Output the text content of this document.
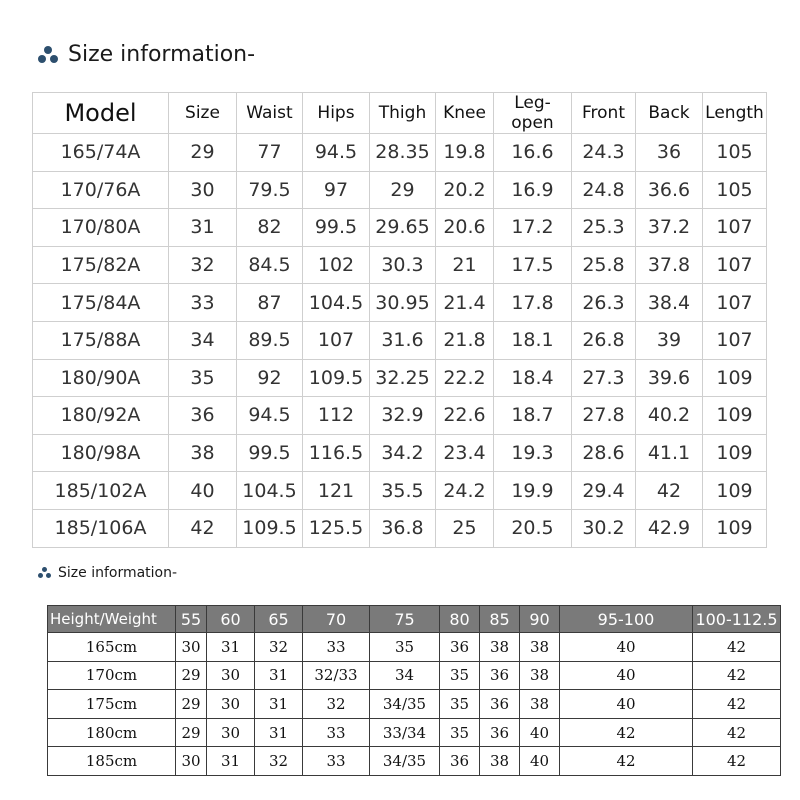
Size information-
Model	Size	Waist	Hips	Thigh	Knee	Leg-open	Front	Back	Length
165/74A	29	77	94.5	28.35	19.8	16.6	24.3	36	105
170/76A	30	79.5	97	29	20.2	16.9	24.8	36.6	105
170/80A	31	82	99.5	29.65	20.6	17.2	25.3	37.2	107
175/82A	32	84.5	102	30.3	21	17.5	25.8	37.8	107
175/84A	33	87	104.5	30.95	21.4	17.8	26.3	38.4	107
175/88A	34	89.5	107	31.6	21.8	18.1	26.8	39	107
180/90A	35	92	109.5	32.25	22.2	18.4	27.3	39.6	109
180/92A	36	94.5	112	32.9	22.6	18.7	27.8	40.2	109
180/98A	38	99.5	116.5	34.2	23.4	19.3	28.6	41.1	109
185/102A	40	104.5	121	35.5	24.2	19.9	29.4	42	109
185/106A	42	109.5	125.5	36.8	25	20.5	30.2	42.9	109
Size information-
Height/Weight	55	60	65	70	75	80	85	90	95-100	100-112.5
165cm	30	31	32	33	35	36	38	38	40	42
170cm	29	30	31	32/33	34	35	36	38	40	42
175cm	29	30	31	32	34/35	35	36	38	40	42
180cm	29	30	31	33	33/34	35	36	40	42	42
185cm	30	31	32	33	34/35	36	38	40	42	42
